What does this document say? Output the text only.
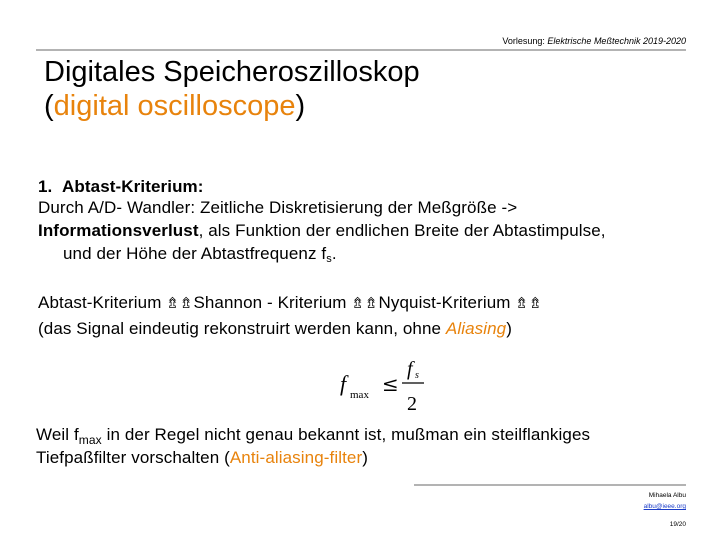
Vorlesung: Elektrische Meßtechnik 2019-2020
Digitales Speicheroszilloskop
(digital oscilloscope)
1. Abtast-Kriterium:
Durch A/D- Wandler: Zeitliche Diskretisierung der Meßgröße ->
Informationsverlust, als Funktion der endlichen Breite der Abtastimpulse,
und der Höhe der Abtastfrequenz $f_s$.
Abtast-Kriterium ⇯⇯Shannon - Kriterium ⇯⇯Nyquist-Kriterium ⇯⇯
(das Signal eindeutig rekonstruirt werden kann, ohne Aliasing)
f max ≤
f s
2
Weil $f_{max}$ in der Regel nicht genau bekannt ist, mußman ein steilflankiges
Tiefpaßfilter vorschalten (Anti-aliasing-filter)
Mihaela Albu
albu@ieee.org
19/20
